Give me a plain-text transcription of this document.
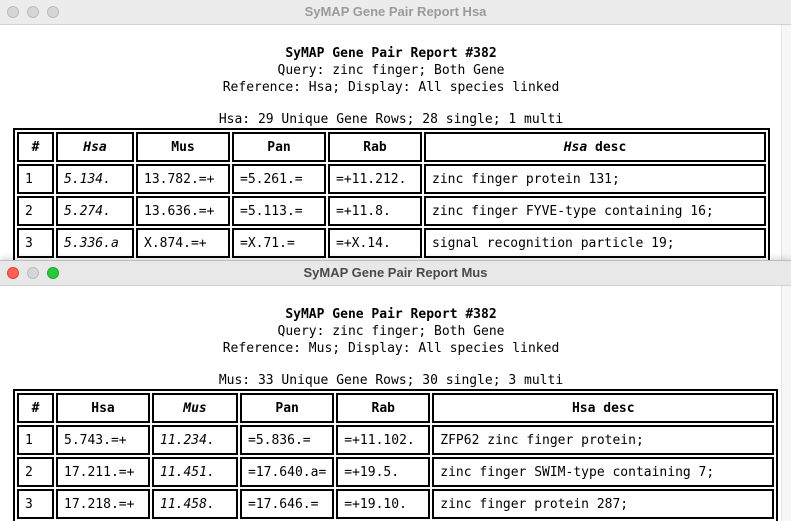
SyMAP Gene Pair Report Hsa
SyMAP Gene Pair Report #382
Query: zinc finger; Both Gene
Reference: Hsa; Display: All species linked
Hsa: 29 Unique Gene Rows; 28 single; 1 multi
#	Hsa	Mus	Pan	Rab	Hsa desc
1	5.134.	13.782.=+	=5.261.=	=+11.212.	zinc finger protein 131;
2	5.274.	13.636.=+	=5.113.=	=+11.8.	zinc finger FYVE-type containing 16;
3	5.336.a	X.874.=+	=X.71.=	=+X.14.	signal recognition particle 19;
SyMAP Gene Pair Report Mus
SyMAP Gene Pair Report #382
Query: zinc finger; Both Gene
Reference: Mus; Display: All species linked
Mus: 33 Unique Gene Rows; 30 single; 3 multi
#	Hsa	Mus	Pan	Rab	Hsa desc
1	5.743.=+	11.234.	=5.836.=	=+11.102.	ZFP62 zinc finger protein;
2	17.211.=+	11.451.	=17.640.a=	=+19.5.	zinc finger SWIM-type containing 7;
3	17.218.=+	11.458.	=17.646.=	=+19.10.	zinc finger protein 287;
